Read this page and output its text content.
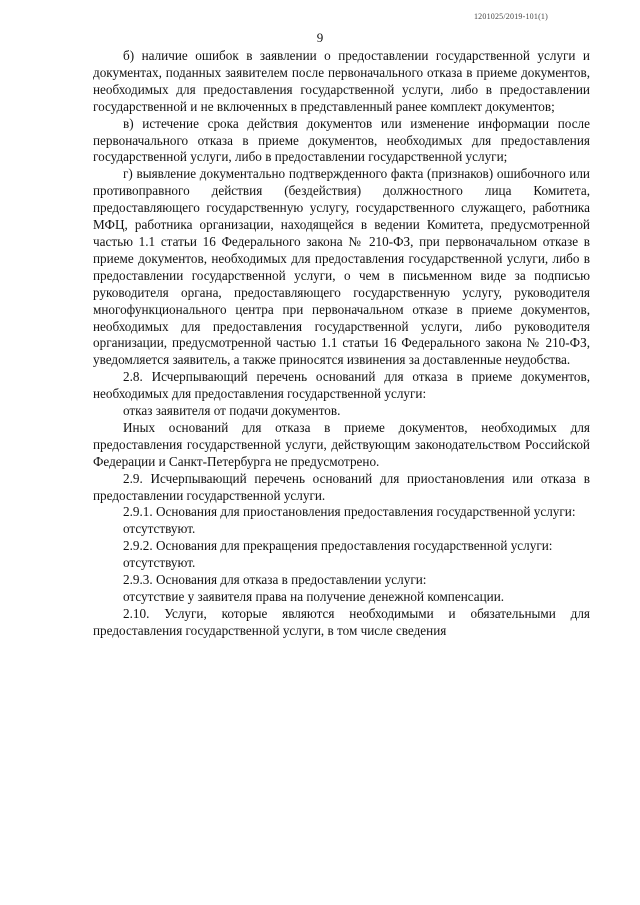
1201025/2019-101(1)
9

б) наличие ошибок в заявлении о предоставлении государственной услуги и документах, поданных заявителем после первоначального отказа в приеме документов, необходимых для предоставления государственной услуги, либо в предоставлении государственной и не включенных в представленный ранее комплект документов;

в) истечение срока действия документов или изменение информации после первоначального отказа в приеме документов, необходимых для предоставления государственной услуги, либо в предоставлении государственной услуги;

г) выявление документально подтвержденного факта (признаков) ошибочного или противоправного действия (бездействия) должностного лица Комитета, предоставляющего государственную услугу, государственного служащего, работника МФЦ, работника организации, находящейся в ведении Комитета, предусмотренной частью 1.1 статьи 16 Федерального закона № 210-ФЗ, при первоначальном отказе в приеме документов, необходимых для предоставления государственной услуги, либо в предоставлении государственной услуги, о чем в письменном виде за подписью руководителя органа, предоставляющего государственную услугу, руководителя многофункционального центра при первоначальном отказе в приеме документов, необходимых для предоставления государственной услуги, либо руководителя организации, предусмотренной частью 1.1 статьи 16 Федерального закона № 210-ФЗ, уведомляется заявитель, а также приносятся извинения за доставленные неудобства.

2.8. Исчерпывающий перечень оснований для отказа в приеме документов, необходимых для предоставления государственной услуги:

отказ заявителя от подачи документов.

Иных оснований для отказа в приеме документов, необходимых для предоставления государственной услуги, действующим законодательством Российской Федерации и Санкт-Петербурга не предусмотрено.

2.9. Исчерпывающий перечень оснований для приостановления или отказа в предоставлении государственной услуги.

2.9.1. Основания для приостановления предоставления государственной услуги:

отсутствуют.

2.9.2. Основания для прекращения предоставления государственной услуги:

отсутствуют.

2.9.3. Основания для отказа в предоставлении услуги:

отсутствие у заявителя права на получение денежной компенсации.

2.10. Услуги, которые являются необходимыми и обязательными для предоставления государственной услуги, в том числе сведения
